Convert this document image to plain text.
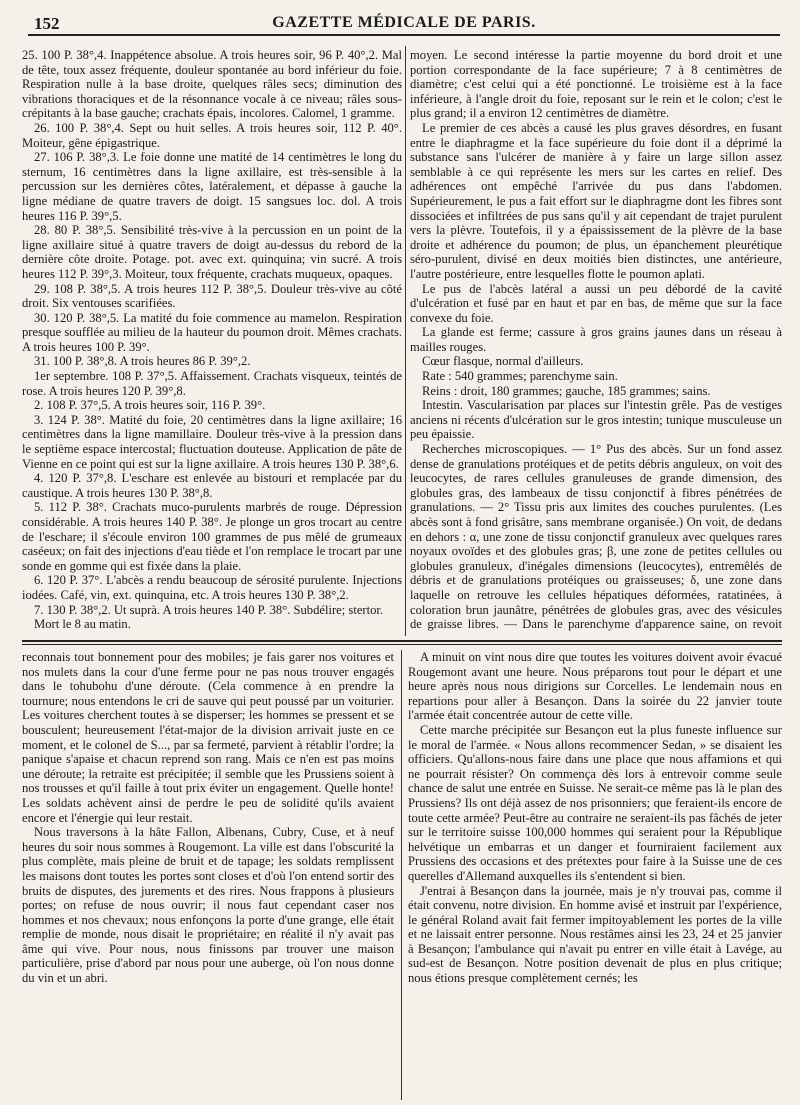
152	GAZETTE MÉDICALE DE PARIS.

25. 100 P. 38°,4. Inappétence absolue. A trois heures soir, 96 P. 40°,2. Mal de tête, toux assez fréquente, douleur spontanée au bord inférieur du foie. Respiration nulle à la base droite, quelques râles secs; diminution des vibrations thoraciques et de la résonnance vocale à ce niveau; râles sous-crépitants à la base gauche; crachats épais, incolores. Calomel, 1 gramme.

26. 100 P. 38°,4. Sept ou huit selles. A trois heures soir, 112 P. 40°. Moiteur, gêne épigastrique.

27. 106 P. 38°,3. Le foie donne une matité de 14 centimètres le long du sternum, 16 centimètres dans la ligne axillaire, est très-sensible à la percussion sur les dernières côtes, latéralement, et dépasse à gauche la ligne médiane de quatre travers de doigt. 15 sangsues loc. dol. A trois heures 116 P. 39°,5.

28. 80 P. 38°,5. Sensibilité très-vive à la percussion en un point de la ligne axillaire situé à quatre travers de doigt au-dessus du rebord de la dernière côte droite. Potage. pot. avec ext. quinquina; vin sucré. A trois heures 112 P. 39°,3. Moiteur, toux fréquente, crachats muqueux, opaques.

29. 108 P. 38°,5. A trois heures 112 P. 38°,5. Douleur très-vive au côté droit. Six ventouses scarifiées.

30. 120 P. 38°,5. La matité du foie commence au mamelon. Respiration presque soufflée au milieu de la hauteur du poumon droit. Mêmes crachats. A trois heures 100 P. 39°.

31. 100 P. 38°,8. A trois heures 86 P. 39°,2.

1er septembre. 108 P. 37°,5. Affaissement. Crachats visqueux, teintés de rose. A trois heures 120 P. 39°,8.

2. 108 P. 37°,5. A trois heures soir, 116 P. 39°.

3. 124 P. 38°. Matité du foie, 20 centimètres dans la ligne axillaire; 16 centimètres dans la ligne mamillaire. Douleur très-vive à la pression dans le septième espace intercostal; fluctuation douteuse. Application de pâte de Vienne en ce point qui est sur la ligne axillaire. A trois heures 130 P. 38°,6.

4. 120 P. 37°,8. L'eschare est enlevée au bistouri et remplacée par du caustique. A trois heures 130 P. 38°,8.

5. 112 P. 38°. Crachats muco-purulents marbrés de rouge. Dépression considérable. A trois heures 140 P. 38°. Je plonge un gros trocart au centre de l'eschare; il s'écoule environ 100 grammes de pus mêlé de grumeaux caséeux; on fait des injections d'eau tiède et l'on remplace le trocart par une sonde en gomme qui est fixée dans la plaie.

6. 120 P. 37°. L'abcès a rendu beaucoup de sérosité purulente. Injections iodées. Café, vin, ext. quinquina, etc. A trois heures 130 P. 38°,2.

7. 130 P. 38°,2. Ut suprà. A trois heures 140 P. 38°. Subdélire; stertor.

Mort le 8 au matin.

moyen. Le second intéresse la partie moyenne du bord droit et une portion correspondante de la face supérieure; 7 à 8 centimètres de diamètre; c'est celui qui a été ponctionné. Le troisième est à la face inférieure, à l'angle droit du foie, reposant sur le rein et le colon; c'est le plus grand; il a environ 12 centimètres de diamètre.

Le premier de ces abcès a causé les plus graves désordres, en fusant entre le diaphragme et la face supérieure du foie dont il a déprimé la substance sans l'ulcérer de manière à y faire un large sillon assez semblable à ce qui représente les mers sur les cartes en relief. Des adhérences ont empêché l'arrivée du pus dans l'abdomen. Supérieurement, le pus a fait effort sur le diaphragme dont les fibres sont dissociées et infiltrées de pus sans qu'il y ait cependant de trajet purulent vers la plèvre. Toutefois, il y a épaississement de la plèvre de la base droite et adhérence du poumon; de plus, un épanchement pleurétique séro-purulent, divisé en deux moitiés bien distinctes, une antérieure, l'autre postérieure, entre lesquelles flotte le poumon aplati.

Le pus de l'abcès latéral a aussi un peu débordé de la cavité d'ulcération et fusé par en haut et par en bas, de même que sur la face convexe du foie.

La glande est ferme; cassure à gros grains jaunes dans un réseau à mailles rouges.

Cœur flasque, normal d'ailleurs.

Rate : 540 grammes; parenchyme sain.

Reins : droit, 180 grammes; gauche, 185 grammes; sains.

Intestin. Vascularisation par places sur l'intestin grêle. Pas de vestiges anciens ni récents d'ulcération sur le gros intestin; tunique musculeuse un peu épaissie.

Recherches microscopiques. — 1° Pus des abcès. Sur un fond assez dense de granulations protéiques et de petits débris anguleux, on voit des leucocytes, de rares cellules granuleuses de grande dimension, des globules gras, des lambeaux de tissu conjonctif à fibres pénétrées de granulations. — 2° Tissu pris aux limites des couches purulentes. (Les abcès sont à fond grisâtre, sans membrane organisée.) On voit, de dedans en dehors : α, une zone de tissu conjonctif granuleux avec quelques rares noyaux ovoïdes et des globules gras; β, une zone de petites cellules ou globules granuleux, d'inégales dimensions (leucocytes), entremêlés de débris et de granulations protéiques ou graisseuses; δ, une zone dans laquelle on retrouve les cellules hépatiques déformées, ratatinées, à coloration brun jaunâtre, pénétrées de globules gras, avec des vésicules de graisse libres. — Dans le parenchyme d'apparence saine, on revoit

reconnais tout bonnement pour des mobiles; je fais garer nos voitures et nos mulets dans la cour d'une ferme pour ne pas nous trouver engagés dans le tohubohu d'une déroute. (Cela commence à en prendre la tournure; nous entendons le cri de sauve qui peut poussé par un voiturier. Les voitures cherchent toutes à se disperser; les hommes se pressent et se bousculent; heureusement l'état-major de la division arrivait juste en ce moment, et le colonel de S..., par sa fermeté, parvient à rétablir l'ordre; la panique s'apaise et chacun reprend son rang. Mais ce n'en est pas moins une déroute; la retraite est précipitée; il semble que les Prussiens soient à nos trousses et qu'il faille à tout prix éviter un engagement. Quelle honte! Les soldats achèvent ainsi de perdre le peu de solidité qu'ils avaient encore et l'énergie qui leur restait.

Nous traversons à la hâte Fallon, Albenans, Cubry, Cuse, et à neuf heures du soir nous sommes à Rougemont. La ville est dans l'obscurité la plus complète, mais pleine de bruit et de tapage; les soldats remplissent les maisons dont toutes les portes sont closes et d'où l'on entend sortir des bruits de disputes, des jurements et des rires. Nous frappons à plusieurs portes; on refuse de nous ouvrir; il nous faut cependant caser nos hommes et nos chevaux; nous enfonçons la porte d'une grange, elle était remplie de monde, nous disait le propriétaire; en réalité il n'y avait pas âme qui vive. Pour nous, nous finissons par trouver une maison particulière, prise d'abord par nous pour une auberge, où l'on nous donne du vin et un abri.

A minuit on vint nous dire que toutes les voitures doivent avoir évacué Rougemont avant une heure. Nous préparons tout pour le départ et une heure après nous nous dirigions sur Corcelles. Le lendemain nous en repartions pour aller à Besançon. Dans la soirée du 22 janvier toute l'armée était concentrée autour de cette ville.

Cette marche précipitée sur Besançon eut la plus funeste influence sur le moral de l'armée. « Nous allons recommencer Sedan, » se disaient les officiers. Qu'allons-nous faire dans une place que nous affamions et qui ne pourrait résister? On commença dès lors à entrevoir comme seule chance de salut une entrée en Suisse. Ne serait-ce même pas là le plan des Prussiens? Ils ont déjà assez de nos prisonniers; que feraient-ils encore de toute cette armée? Peut-être au contraire ne seraient-ils pas fâchés de jeter sur le territoire suisse 100,000 hommes qui seraient pour la République helvétique un embarras et un danger et fourniraient facilement aux Prussiens des occasions et des prétextes pour faire à la Suisse une de ces querelles d'Allemand auxquelles ils s'entendent si bien.

J'entrai à Besançon dans la journée, mais je n'y trouvai pas, comme il était convenu, notre division. En homme avisé et instruit par l'expérience, le général Roland avait fait fermer impitoyablement les portes de la ville et ne laissait entrer personne. Nous restâmes ainsi les 23, 24 et 25 janvier à Besançon; l'ambulance qui n'avait pu entrer en ville était à Lavége, au sud-est de Besançon. Notre position devenait de plus en plus critique; nous étions presque complètement cernés; les
